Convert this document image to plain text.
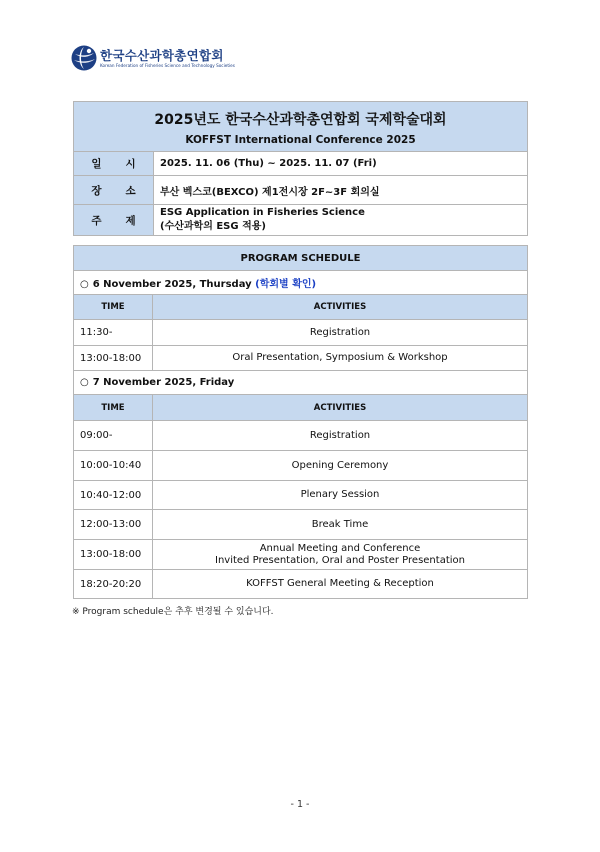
한국수산과학총연합회
Korean Federation of Fisheries Science and Technology Societies
2025년도 한국수산과학총연합회 국제학술대회
KOFFST International Conference 2025	

일 시	2025. 11. 06 (Thu) ~ 2025. 11. 07 (Fri)
장 소	부산 벡스코(BEXCO) 제1전시장 2F~3F 회의실
주 제	ESG Application in Fisheries Science
(수산과학의 ESG 적용)
PROGRAM SCHEDULE	
○ 6 November 2025, Thursday (학회별 확인)	
TIME	ACTIVITIES
11:30-	Registration
13:00-18:00	Oral Presentation, Symposium & Workshop
○ 7 November 2025, Friday	
TIME	ACTIVITIES
09:00-	Registration
10:00-10:40	Opening Ceremony
10:40-12:00	Plenary Session
12:00-13:00	Break Time
13:00-18:00	Annual Meeting and Conference
Invited Presentation, Oral and Poster Presentation

18:20-20:20	KOFFST General Meeting & Reception
※ Program schedule은 추후 변경될 수 있습니다.
- 1 -
